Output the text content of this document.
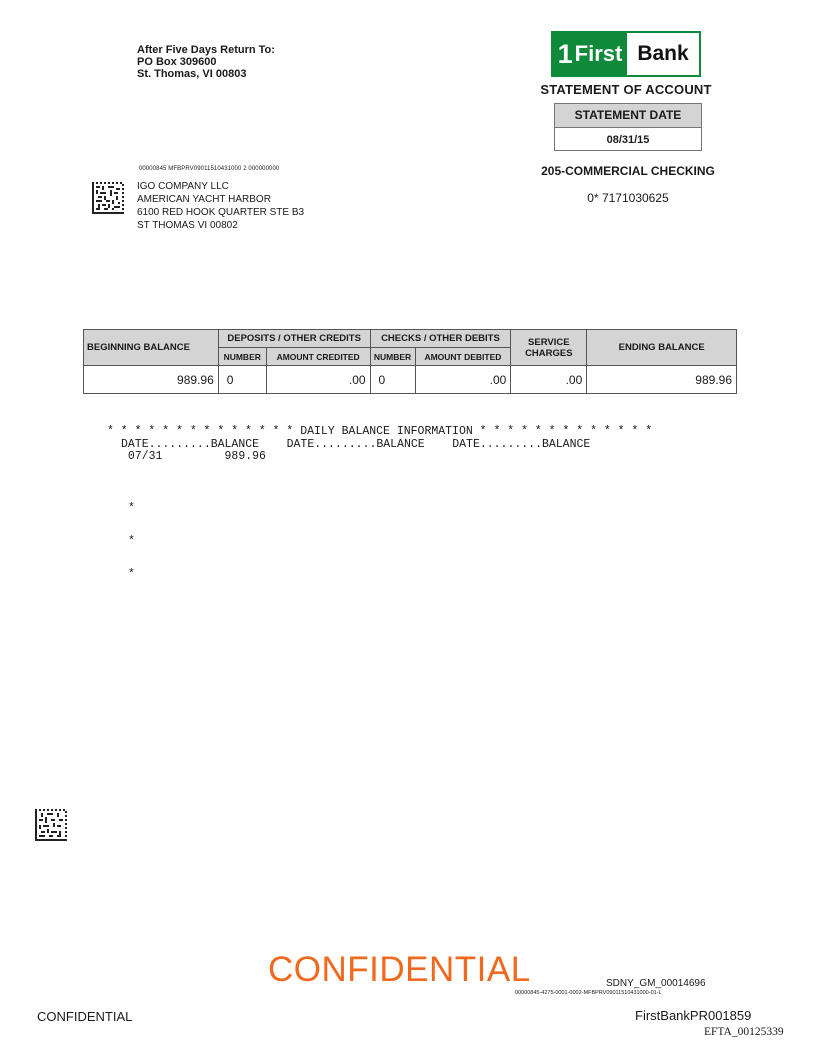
After Five Days Return To:
PO Box 309600
St. Thomas, VI 00803
1 First Bank
STATEMENT OF ACCOUNT
STATEMENT DATE
08/31/15
205-COMMERCIAL CHECKING
0* 7171030625
00000845 MFBPRV09011510431000 2 000000000
IGO COMPANY LLC
AMERICAN YACHT HARBOR
6100 RED HOOK QUARTER STE B3
ST THOMAS VI 00802
BEGINNING BALANCE	DEPOSITS / OTHER CREDITS		CHECKS / OTHER DEBITS		SERVICE CHARGES	ENDING BALANCE
	NUMBER	AMOUNT CREDITED	NUMBER	AMOUNT DEBITED		
989.96	0	.00	0	.00	.00	989.96
* * * * * * * * * * * * * * DAILY BALANCE INFORMATION * * * * * * * * * * * * *
DATE.........BALANCE    DATE.........BALANCE    DATE.........BALANCE
07/31         989.96

*

*

*

CONFIDENTIAL	SDNY_GM_00014696
00000845-4275-0001-0002-MFBPRV09011510431000-01-L
CONFIDENTIAL	FirstBankPR001859
EFTA_00125339
